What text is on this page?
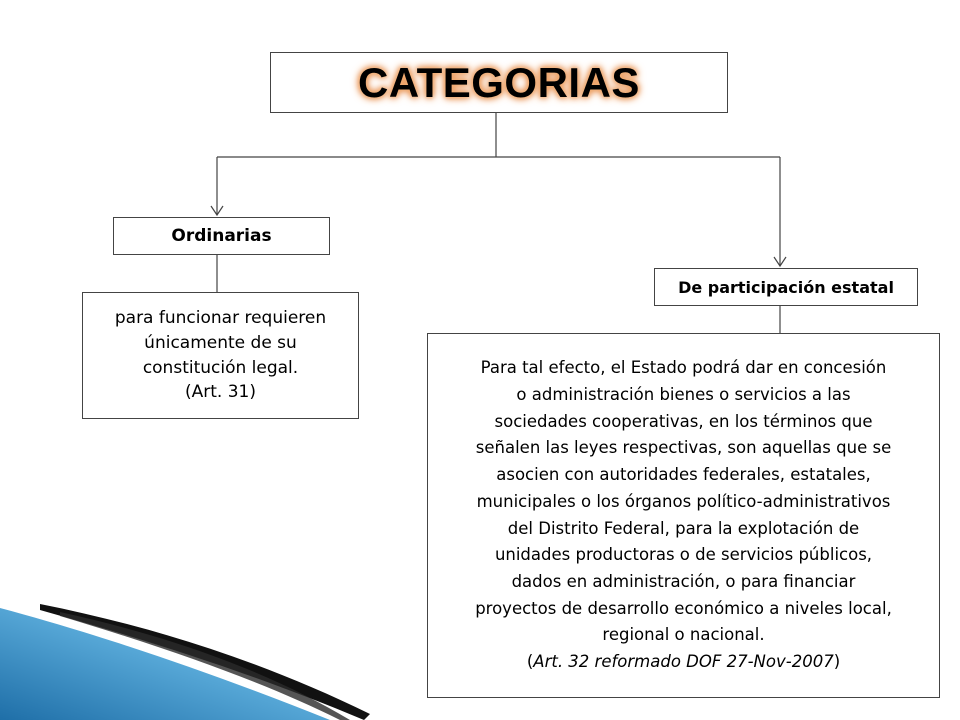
CATEGORIAS
Ordinarias
para funcionar requieren
únicamente de su
constitución legal.
(Art. 31)
De participación estatal
Para tal efecto, el Estado podrá dar en concesión
o administración bienes o servicios a las
sociedades cooperativas, en los términos que
señalen las leyes respectivas, son aquellas que se
asocien con autoridades federales, estatales,
municipales o los órganos político-administrativos
del Distrito Federal, para la explotación de
unidades productoras o de servicios públicos,
dados en administración, o para financiar
proyectos de desarrollo económico a niveles local,
regional o nacional.
(Art. 32 reformado DOF 27-Nov-2007)
